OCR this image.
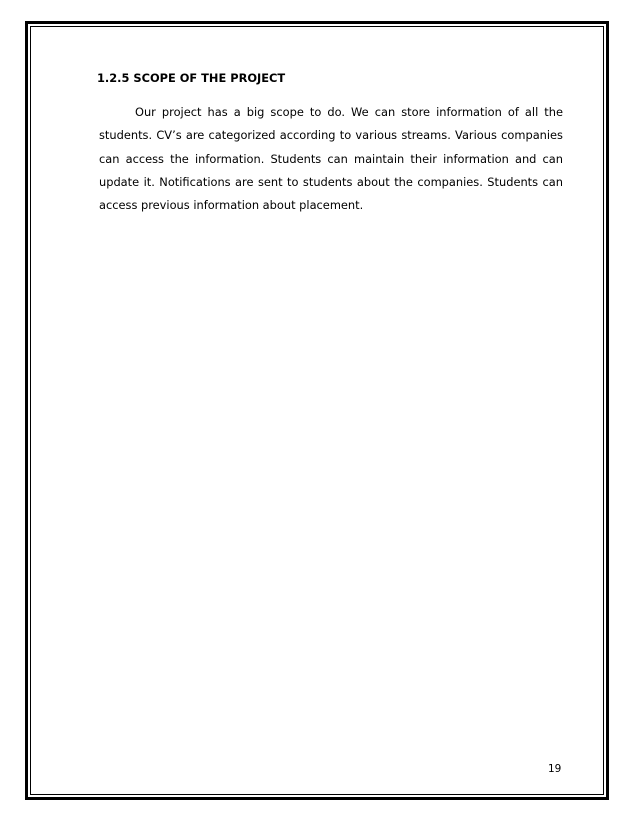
1.2.5 SCOPE OF THE PROJECT

Our project has a big scope to do. We can store information of all the students. CV’s are categorized according to various streams. Various companies can access the information. Students can maintain their information and can update it. Notifications are sent to students about the companies. Students can access previous information about placement.

19
